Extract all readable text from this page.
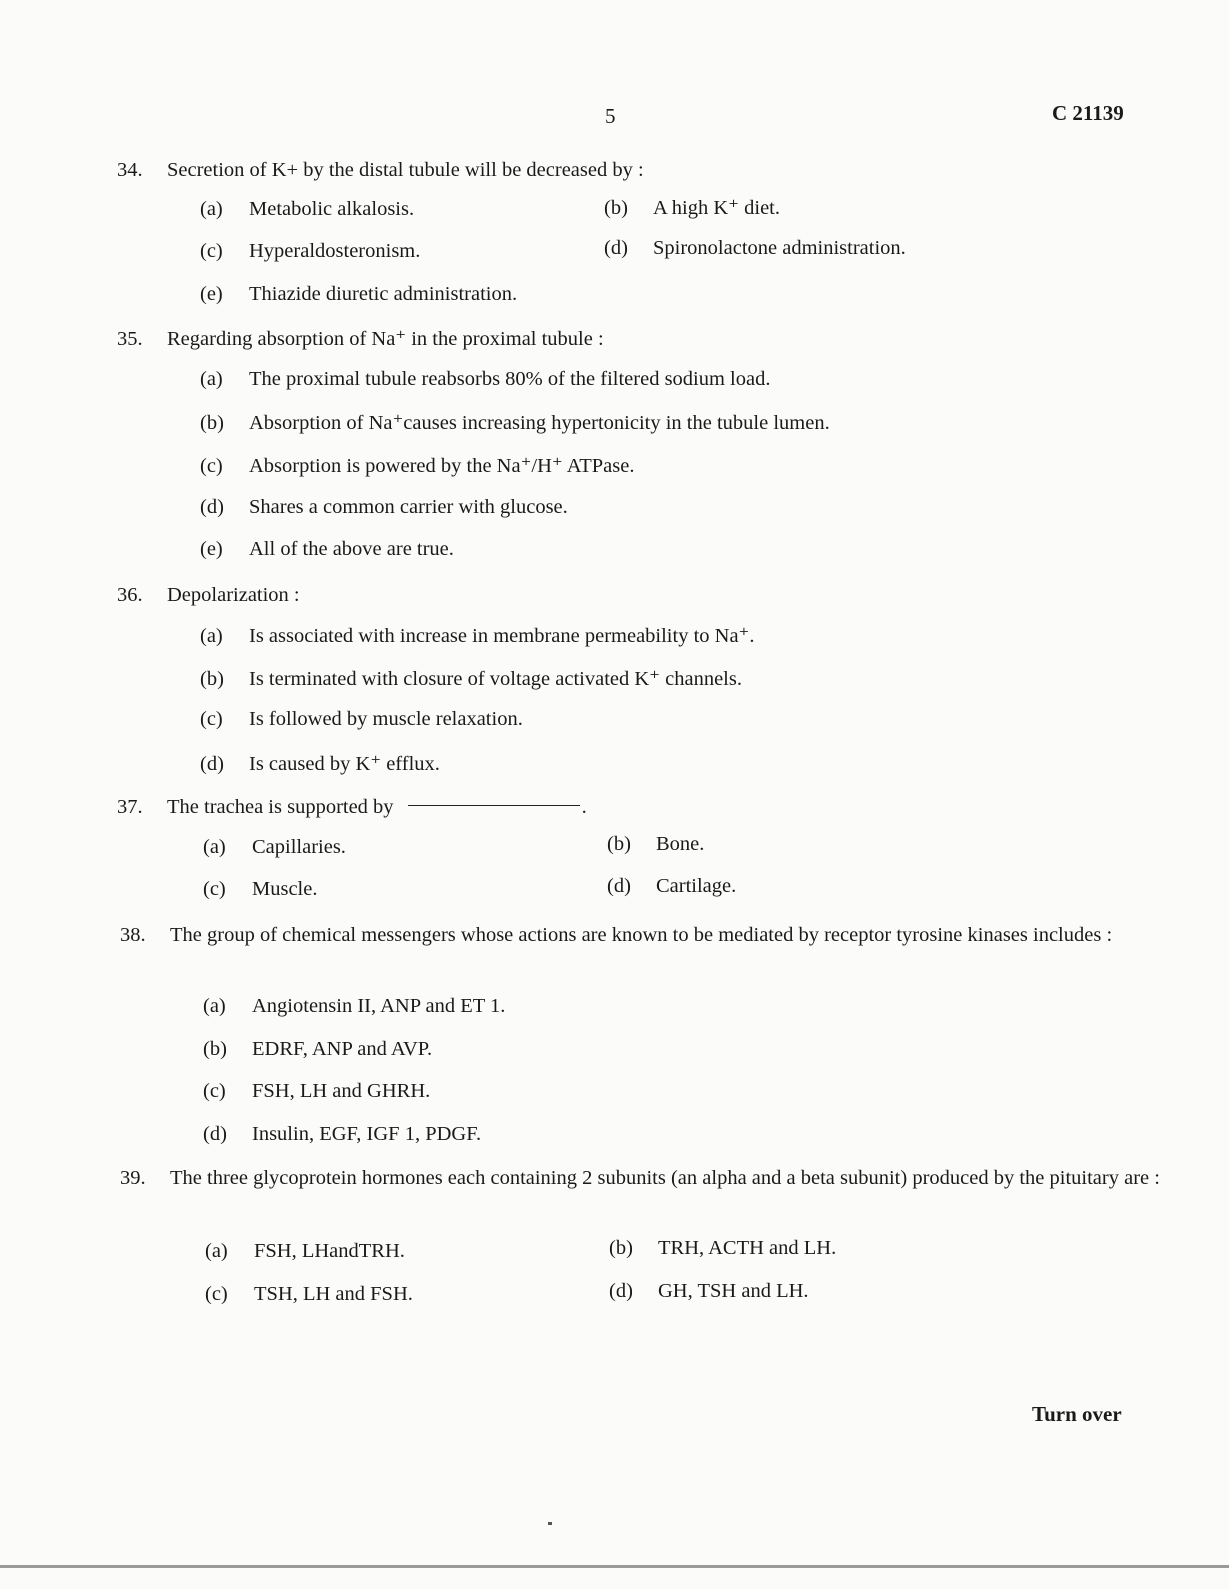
5	C 21139
34.	Secretion of K+ by the distal tubule will be decreased by :
(a) Metabolic alkalosis.	(b) A high K⁺ diet.
(c) Hyperaldosteronism.	(d) Spironolactone administration.
(e) Thiazide diuretic administration.
35.	Regarding absorption of Na⁺ in the proximal tubule :
(a) The proximal tubule reabsorbs 80% of the filtered sodium load.
(b) Absorption of Na⁺causes increasing hypertonicity in the tubule lumen.
(c) Absorption is powered by the Na⁺/H⁺ ATPase.
(d) Shares a common carrier with glucose.
(e) All of the above are true.
36.	Depolarization :
(a) Is associated with increase in membrane permeability to Na⁺.
(b) Is terminated with closure of voltage activated K⁺ channels.
(c) Is followed by muscle relaxation.
(d) Is caused by K⁺ efflux.
37.	The trachea is supported by	.
(a) Capillaries.	(b) Bone.
(c) Muscle.	(d) Cartilage.
38.	The group of chemical messengers whose actions are known to be mediated by receptor tyrosine kinases includes :
(a) Angiotensin II, ANP and ET 1.
(b) EDRF, ANP and AVP.
(c) FSH, LH and GHRH.
(d) Insulin, EGF, IGF 1, PDGF.
39.	The three glycoprotein hormones each containing 2 subunits (an alpha and a beta subunit) produced by the pituitary are :
(a) FSH, LHandTRH.	(b) TRH, ACTH and LH.
(c) TSH, LH and FSH.	(d) GH, TSH and LH.
Turn over
